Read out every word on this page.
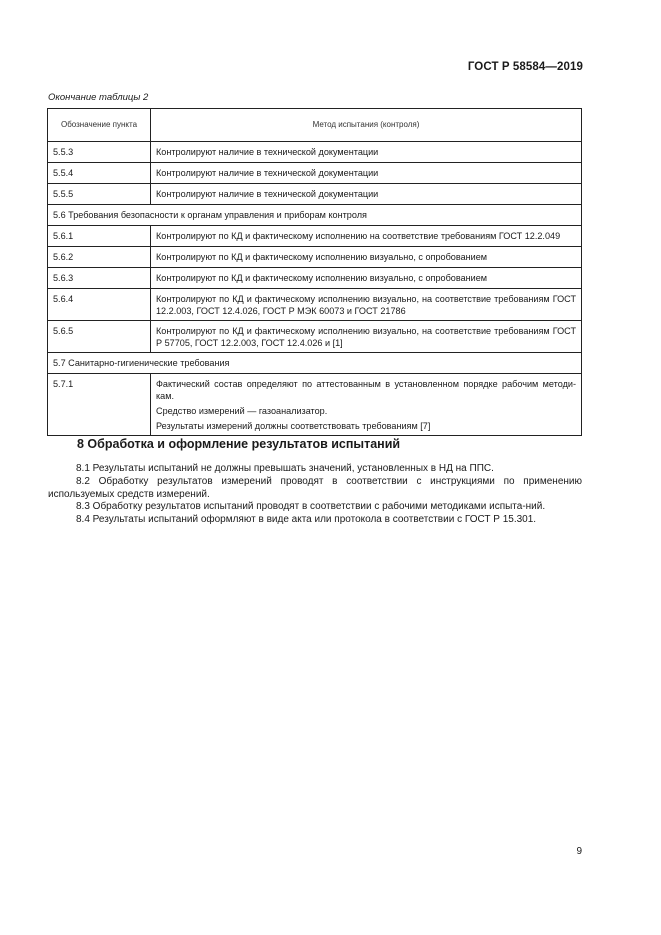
ГОСТ Р 58584—2019
Окончание таблицы 2
Обозначение пункта	Метод испытания (контроля)
5.5.3	Контролируют наличие в технической документации
5.5.4	Контролируют наличие в технической документации
5.5.5	Контролируют наличие в технической документации
5.6 Требования безопасности к органам управления и приборам контроля	
5.6.1	Контролируют по КД и фактическому исполнению на соответствие требованиям ГОСТ 12.2.049
5.6.2	Контролируют по КД и фактическому исполнению визуально, с опробованием
5.6.3	Контролируют по КД и фактическому исполнению визуально, с опробованием
5.6.4	Контролируют по КД и фактическому исполнению визуально, на соответствие требованиям ГОСТ 12.2.003, ГОСТ 12.4.026, ГОСТ Р МЭК 60073 и ГОСТ 21786
5.6.5	Контролируют по КД и фактическому исполнению визуально, на соответствие требованиям ГОСТ Р 57705, ГОСТ 12.2.003, ГОСТ 12.4.026 и [1]
5.7 Санитарно-гигиенические требования	
5.7.1	Фактический состав определяют по аттестованным в установленном порядке рабочим методи-кам.

Средство измерений — газоанализатор.

Результаты измерений должны соответствовать требованиям [7]

8 Обработка и оформление результатов испытаний

8.1 Результаты испытаний не должны превышать значений, установленных в НД на ППС.

8.2 Обработку результатов измерений проводят в соответствии с инструкциями по применению используемых средств измерений.

8.3 Обработку результатов испытаний проводят в соответствии с рабочими методиками испыта-ний.

8.4 Результаты испытаний оформляют в виде акта или протокола в соответствии с ГОСТ Р 15.301.

9
